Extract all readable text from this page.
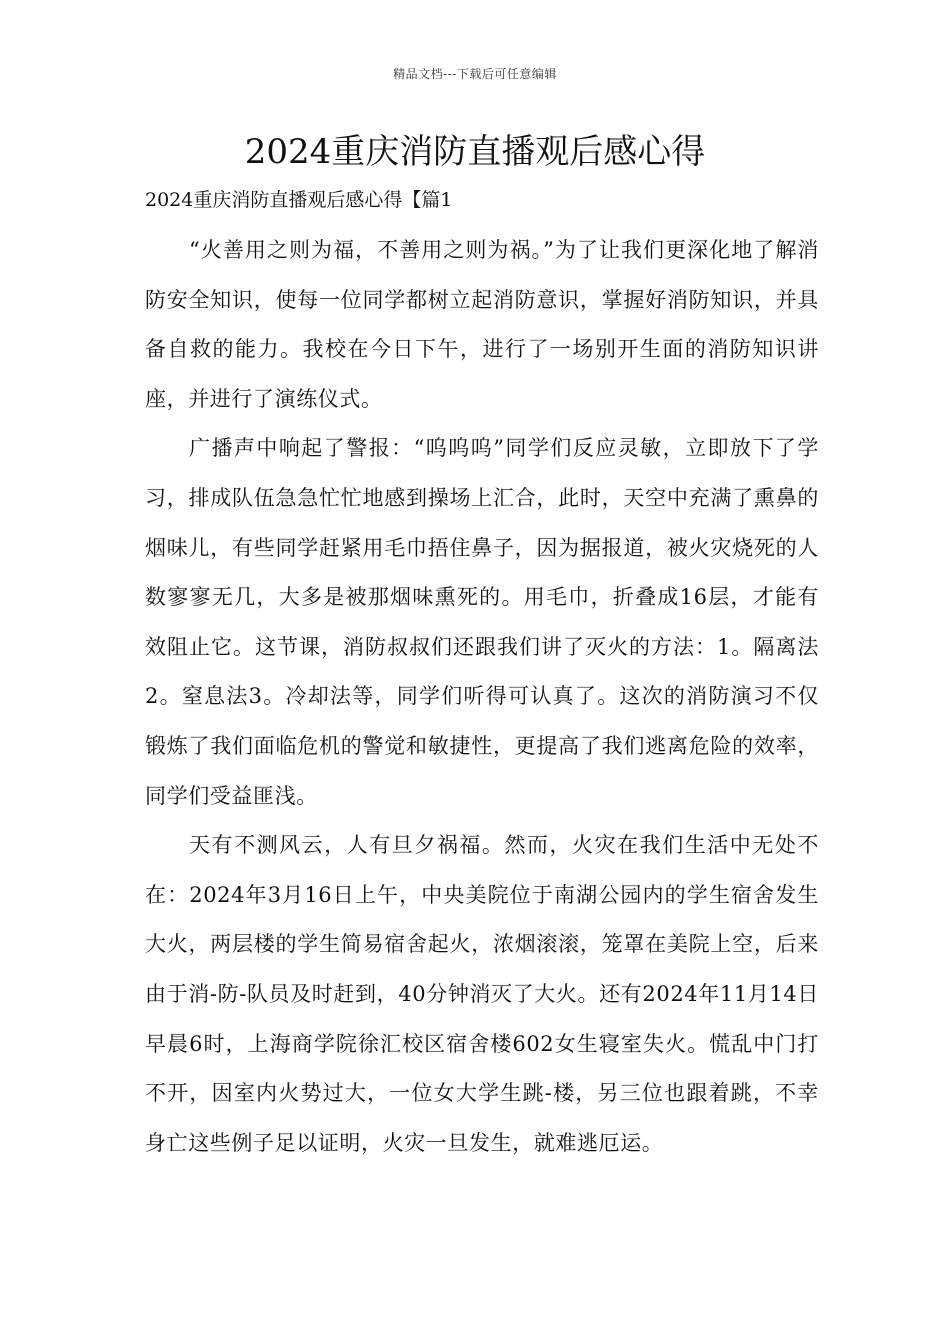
精品文档---下载后可任意编辑
2024重庆消防直播观后感心得
2024重庆消防直播观后感心得【篇1

“火善用之则为福，不善用之则为祸。”为了让我们更深化地了解消防安全知识，使每一位同学都树立起消防意识，掌握好消防知识，并具备自救的能力。我校在今日下午，进行了一场别开生面的消防知识讲座，并进行了演练仪式。

广播声中响起了警报：“呜呜呜”同学们反应灵敏，立即放下了学习，排成队伍急急忙忙地感到操场上汇合，此时，天空中充满了熏鼻的烟味儿，有些同学赶紧用毛巾捂住鼻子，因为据报道，被火灾烧死的人数寥寥无几，大多是被那烟味熏死的。用毛巾，折叠成16层，才能有效阻止它。这节课，消防叔叔们还跟我们讲了灭火的方法：1。隔离法2。窒息法3。冷却法等，同学们听得可认真了。这次的消防演习不仅锻炼了我们面临危机的警觉和敏捷性，更提高了我们逃离危险的效率，同学们受益匪浅。

天有不测风云，人有旦夕祸福。然而，火灾在我们生活中无处不在：2024年3月16日上午，中央美院位于南湖公园内的学生宿舍发生大火，两层楼的学生简易宿舍起火，浓烟滚滚，笼罩在美院上空，后来由于消-防-队员及时赶到，40分钟消灭了大火。还有2024年11月14日早晨6时，上海商学院徐汇校区宿舍楼602女生寝室失火。慌乱中门打不开，因室内火势过大，一位女大学生跳-楼，另三位也跟着跳，不幸身亡这些例子足以证明，火灾一旦发生，就难逃厄运。
